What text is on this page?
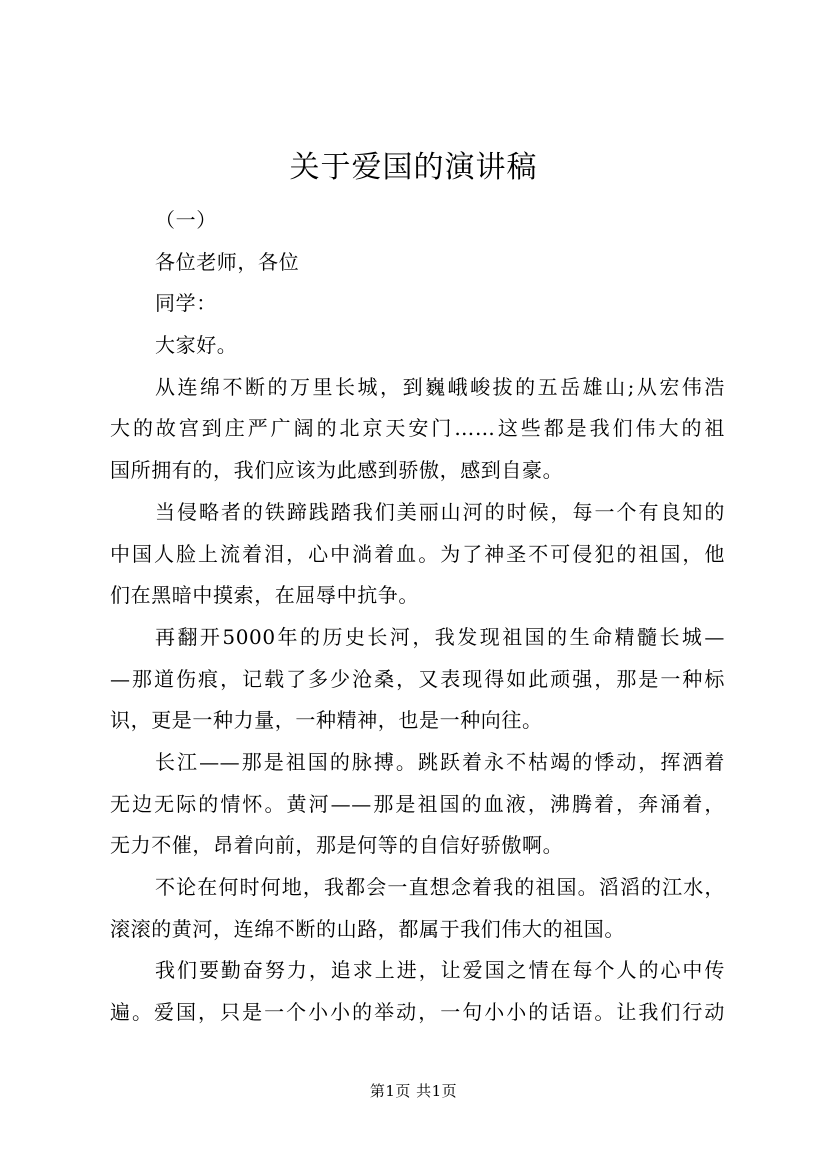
关于爱国的演讲稿
（一）
各位老师，各位
同学：
大家好。
从连绵不断的万里长城，到巍峨峻拔的五岳雄山;从宏伟浩
大的故宫到庄严广阔的北京天安门……这些都是我们伟大的祖
国所拥有的，我们应该为此感到骄傲，感到自豪。
当侵略者的铁蹄践踏我们美丽山河的时候，每一个有良知的
中国人脸上流着泪，心中淌着血。为了神圣不可侵犯的祖国，他
们在黑暗中摸索，在屈辱中抗争。
再翻开5000年的历史长河，我发现祖国的生命精髓长城—
—那道伤痕，记载了多少沧桑，又表现得如此顽强，那是一种标
识，更是一种力量，一种精神，也是一种向往。
长江——那是祖国的脉搏。跳跃着永不枯竭的悸动，挥洒着
无边无际的情怀。黄河——那是祖国的血液，沸腾着，奔涌着，
无力不催，昂着向前，那是何等的自信好骄傲啊。
不论在何时何地，我都会一直想念着我的祖国。滔滔的江水，
滚滚的黄河，连绵不断的山路，都属于我们伟大的祖国。
我们要勤奋努力，追求上进，让爱国之情在每个人的心中传
遍。爱国，只是一个小小的举动，一句小小的话语。让我们行动
第1页 共1页
